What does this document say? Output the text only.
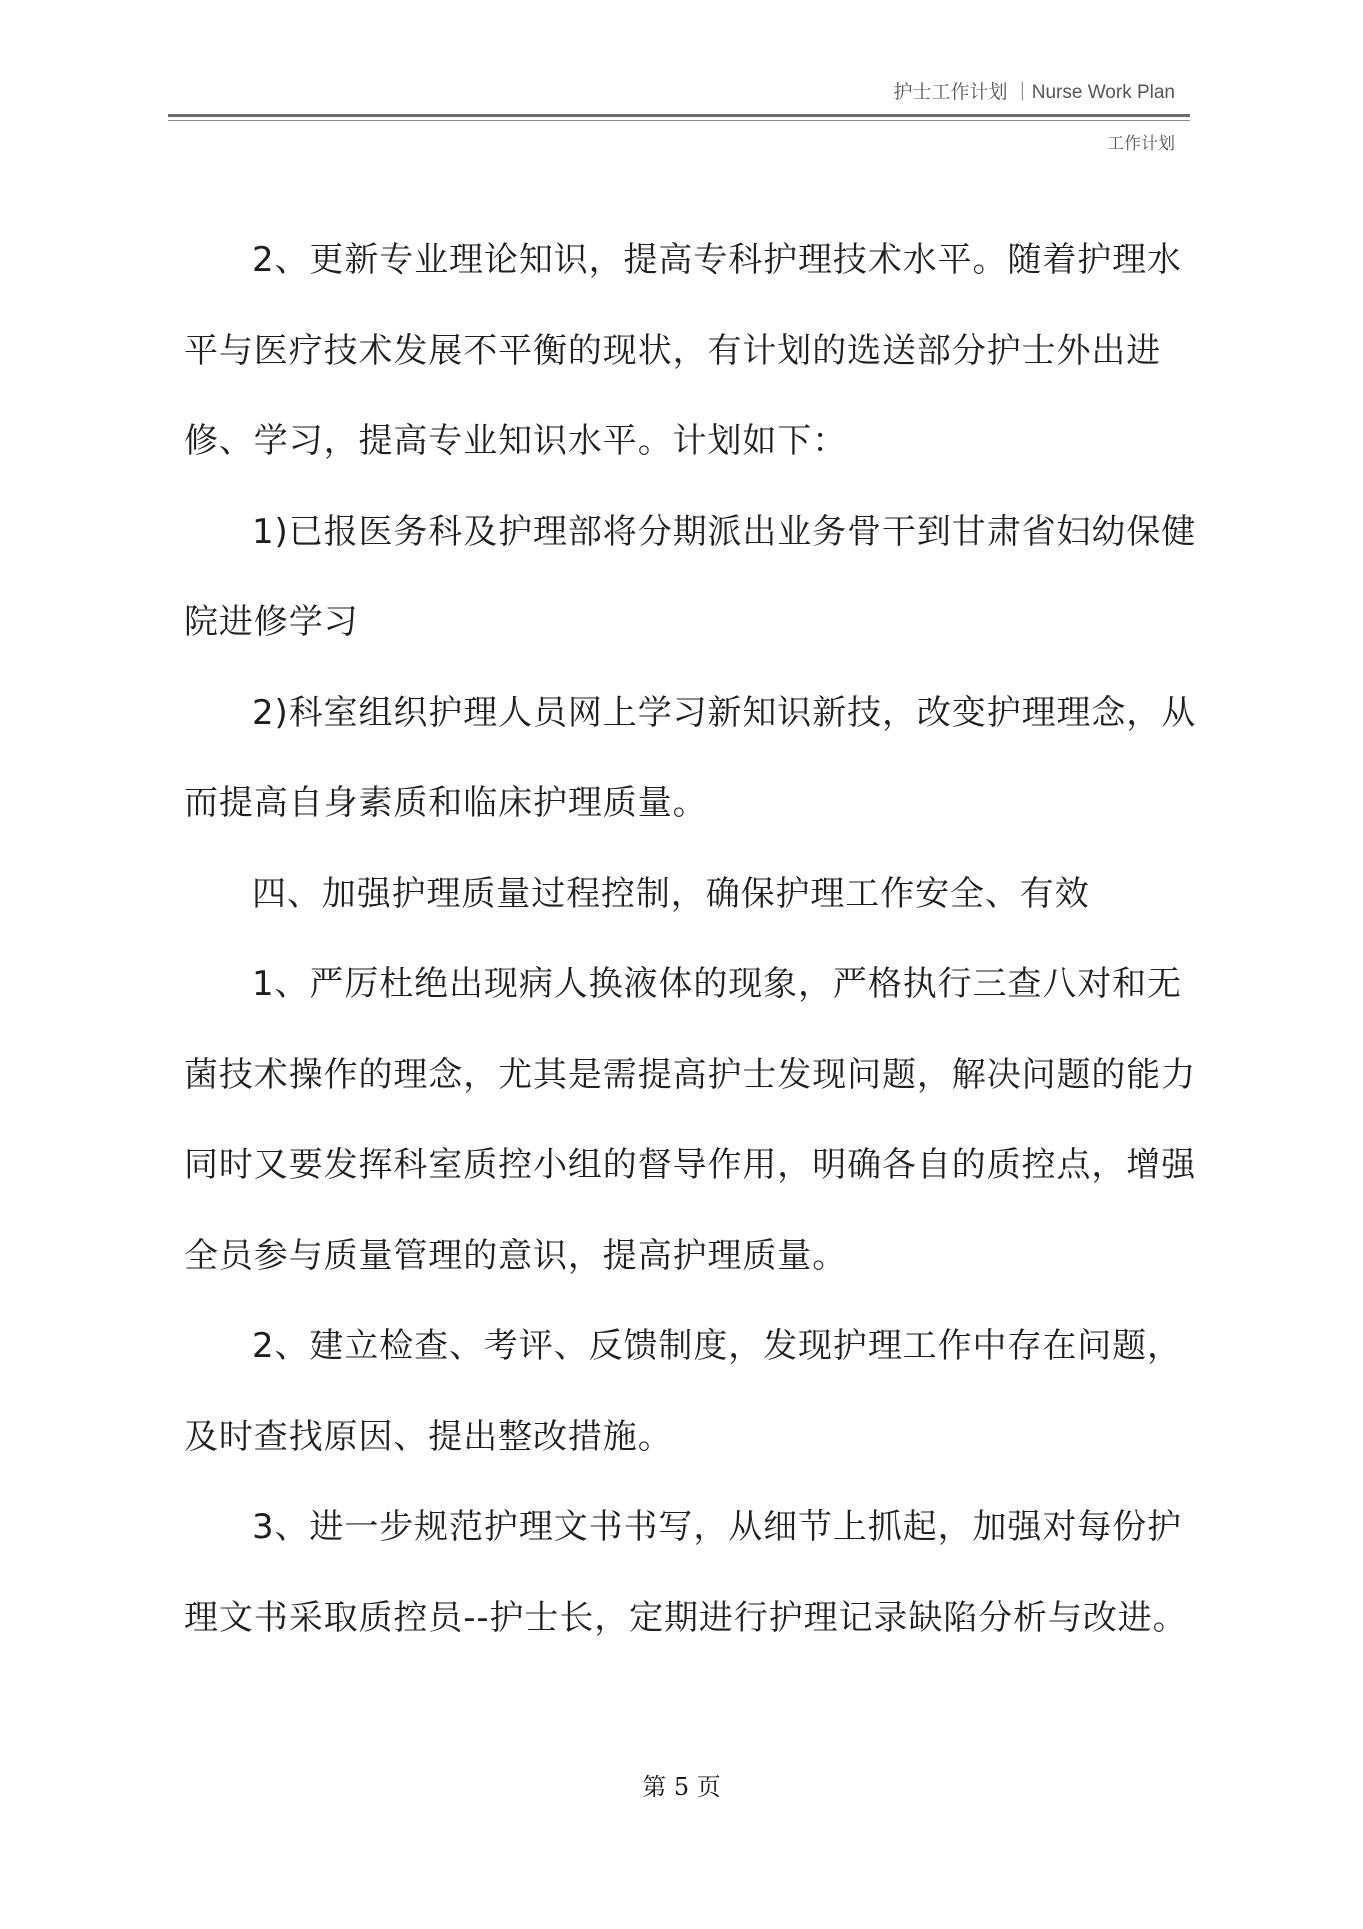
护士工作计划 ｜Nurse Work Plan
工作计划

2、更新专业理论知识，提高专科护理技术水平。随着护理水平与医疗技术发展不平衡的现状，有计划的选送部分护士外出进修、学习，提高专业知识水平。计划如下：

1)已报医务科及护理部将分期派出业务骨干到甘肃省妇幼保健院进修学习

2)科室组织护理人员网上学习新知识新技，改变护理理念，从而提高自身素质和临床护理质量。

四、加强护理质量过程控制，确保护理工作安全、有效

1、严厉杜绝出现病人换液体的现象，严格执行三查八对和无菌技术操作的理念，尤其是需提高护士发现问题，解决问题的能力同时又要发挥科室质控小组的督导作用，明确各自的质控点，增强全员参与质量管理的意识，提高护理质量。

2、建立检查、考评、反馈制度，发现护理工作中存在问题，及时查找原因、提出整改措施。

3、进一步规范护理文书书写，从细节上抓起，加强对每份护理文书采取质控员--护士长，定期进行护理记录缺陷分析与改进。

第 5 页
